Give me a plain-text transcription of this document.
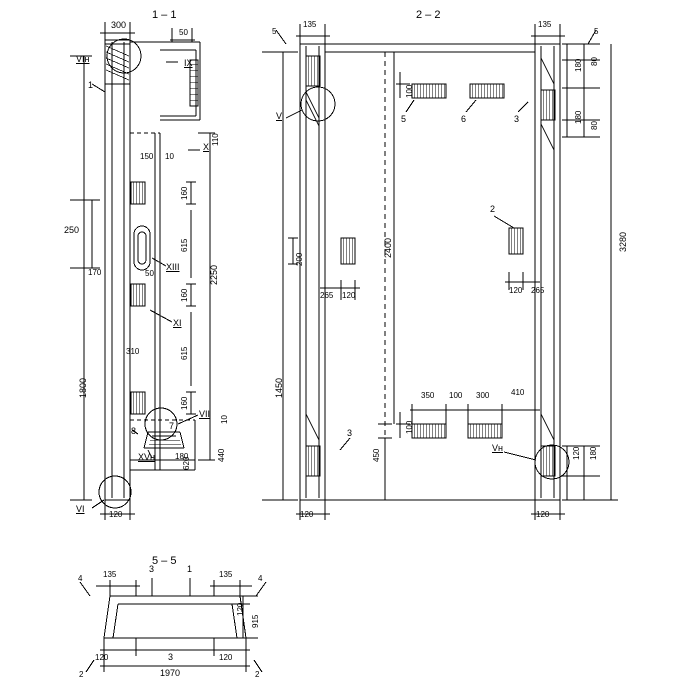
1 – 1	2 – 2
5 – 5
300
50
110
150 10
160
250
615
2250
170	50
160
310	615
1800
160
10
440
180
620
120
VIн
1
IX
X
XIII
XI
VII
8	7
XVн
VI
135	135
5	5
180 80
100
180
80
3280
2400
200
265 120
120 265
1450	350 100 300	410
100
450	120 180
120	120
V	5	6	3
2
3
Vн
135	135
4	4
3	1
120
915
120	120
3
1970
2	2
